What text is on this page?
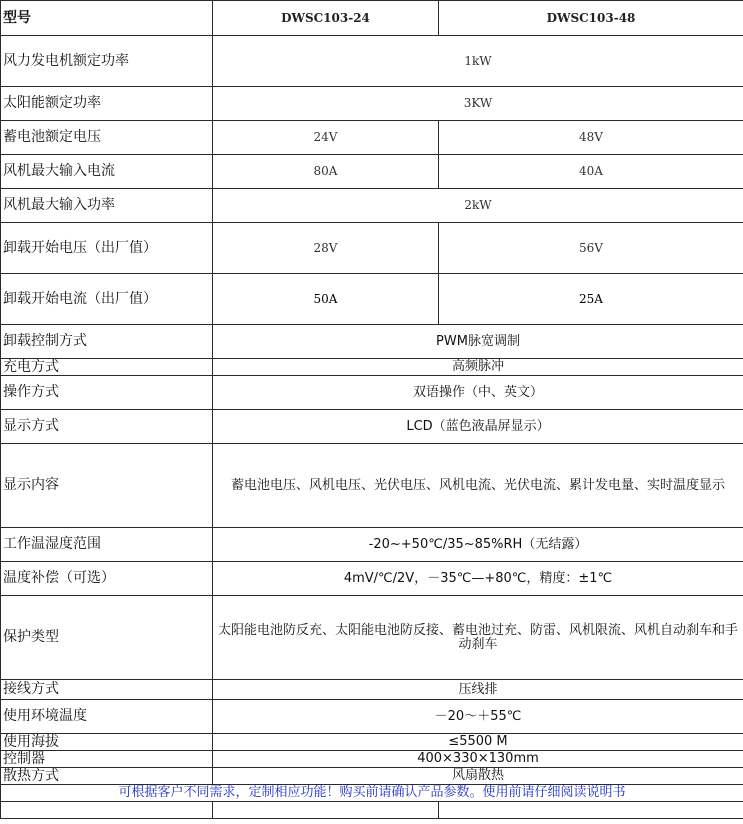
型号	DWSC103-24	DWSC103-48
风力发电机额定功率	1kW	
太阳能额定功率	3KW	
蓄电池额定电压	24V	48V
风机最大输入电流	80A	40A
风机最大输入功率	2kW	
卸载开始电压（出厂值）	28V	56V
卸载开始电流（出厂值）	50A	25A
卸载控制方式	PWM脉宽调制	
充电方式	高频脉冲	
操作方式	双语操作（中、英文）	
显示方式	LCD（蓝色液晶屏显示）	
显示内容	蓄电池电压、风机电压、光伏电压、风机电流、光伏电流、累计发电量、实时温度显示	
工作温湿度范围	-20~+50℃/35~85%RH（无结露）	
温度补偿（可选）	4mV/℃/2V，－35℃—+80℃，精度：±1℃	
保护类型	太阳能电池防反充、太阳能电池防反接、蓄电池过充、防雷、风机限流、风机自动刹车和手动刹车	
接线方式	压线排	
使用环境温度	－20～＋55℃	
使用海拔	≤5500 M	
控制器	400×330×130mm	
散热方式	风扇散热	
可根据客户不同需求，定制相应功能！购买前请确认产品参数。使用前请仔细阅读说明书		
